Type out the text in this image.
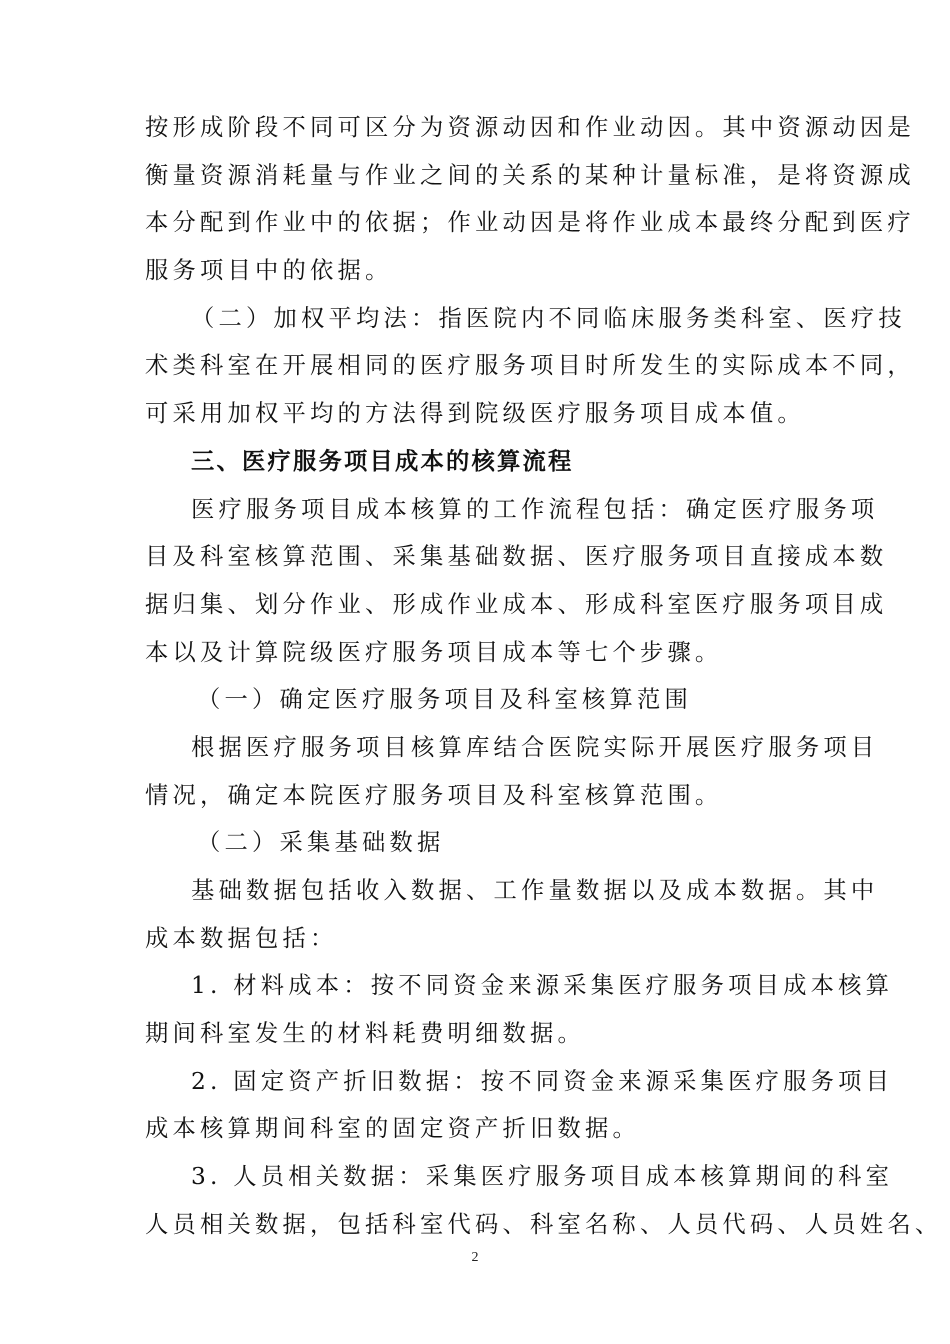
按形成阶段不同可区分为资源动因和作业动因。其中资源动因是
衡量资源消耗量与作业之间的关系的某种计量标准，是将资源成
本分配到作业中的依据；作业动因是将作业成本最终分配到医疗
服务项目中的依据。
（二）加权平均法：指医院内不同临床服务类科室、医疗技
术类科室在开展相同的医疗服务项目时所发生的实际成本不同，
可采用加权平均的方法得到院级医疗服务项目成本值。
三、医疗服务项目成本的核算流程
医疗服务项目成本核算的工作流程包括：确定医疗服务项
目及科室核算范围、采集基础数据、医疗服务项目直接成本数
据归集、划分作业、形成作业成本、形成科室医疗服务项目成
本以及计算院级医疗服务项目成本等七个步骤。
（一）确定医疗服务项目及科室核算范围
根据医疗服务项目核算库结合医院实际开展医疗服务项目
情况，确定本院医疗服务项目及科室核算范围。
（二）采集基础数据
基础数据包括收入数据、工作量数据以及成本数据。其中
成本数据包括：
1. 材料成本：按不同资金来源采集医疗服务项目成本核算
期间科室发生的材料耗费明细数据。
2. 固定资产折旧数据：按不同资金来源采集医疗服务项目
成本核算期间科室的固定资产折旧数据。
3. 人员相关数据：采集医疗服务项目成本核算期间的科室
人员相关数据，包括科室代码、科室名称、人员代码、人员姓名、
2
